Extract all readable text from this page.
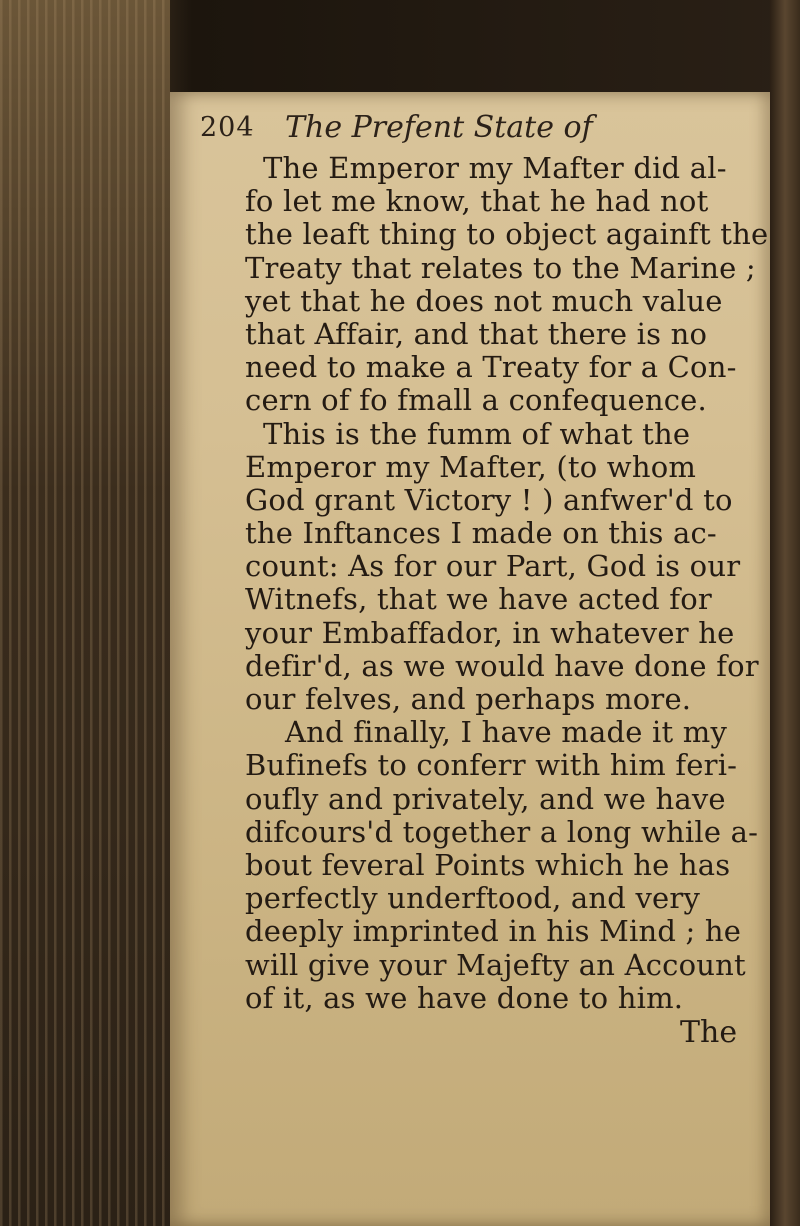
204 The Prefent State of
The Emperor my Mafter did al-
fo let me know, that he had not
the leaft thing to object againft the
Treaty that relates to the Marine ;
yet that he does not much value
that Affair, and that there is no
need to make a Treaty for a Con-
cern of fo fmall a confequence.
This is the fumm of what the
Emperor my Mafter, (to whom
God grant Victory ! ) anfwer'd to
the Inftances I made on this ac-
count: As for our Part, God is our
Witnefs, that we have acted for
your Embaffador, in whatever he
defir'd, as we would have done for
our felves, and perhaps more.
And finally, I have made it my
Bufinefs to conferr with him feri-
oufly and privately, and we have
difcours'd together a long while a-
bout feveral Points which he has
perfectly underftood, and very
deeply imprinted in his Mind ; he
will give your Majefty an Account
of it, as we have done to him.
The
